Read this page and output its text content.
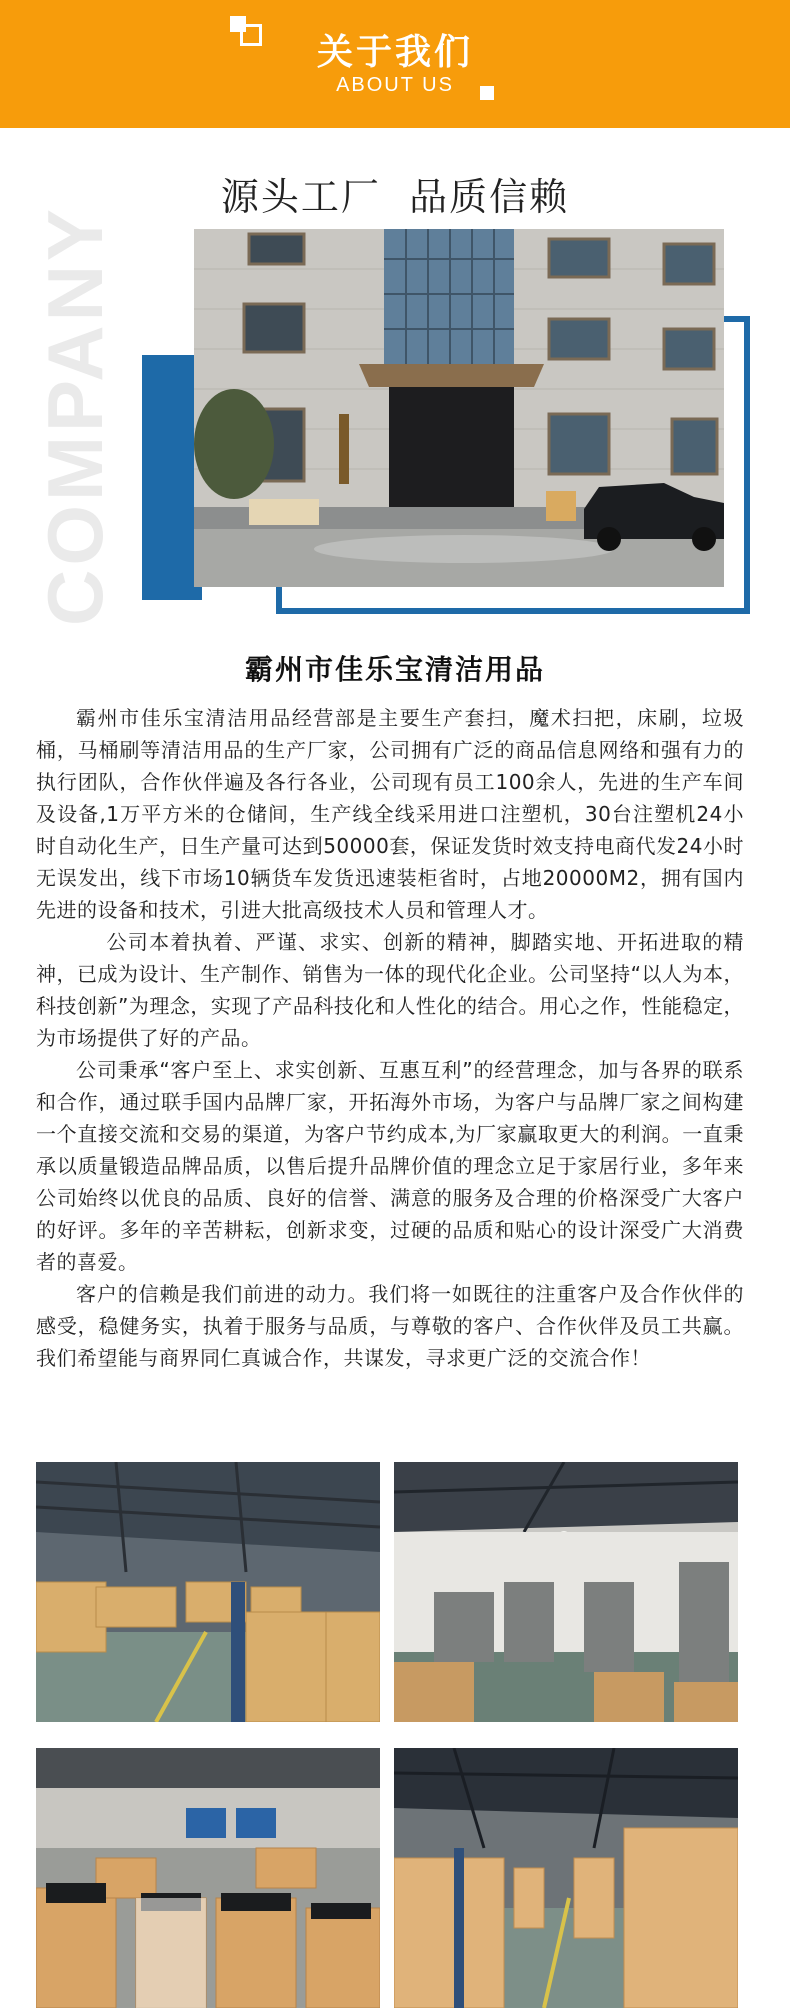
关于我们
ABOUT US
源头工厂  品质信赖
COMPANY
霸州市佳乐宝清洁用品

霸州市佳乐宝清洁用品经营部是主要生产套扫，魔术扫把，床刷，垃圾桶，马桶刷等清洁用品的生产厂家，公司拥有广泛的商品信息网络和强有力的执行团队，合作伙伴遍及各行各业，公司现有员工100余人，先进的生产车间及设备,1万平方米的仓储间，生产线全线采用进口注塑机，30台注塑机24小时自动化生产，日生产量可达到50000套，保证发货时效支持电商代发24小时无误发出，线下市场10辆货车发货迅速装柜省时，占地20000M2，拥有国内先进的设备和技术，引进大批高级技术人员和管理人才。

公司本着执着、严谨、求实、创新的精神，脚踏实地、开拓进取的精神，已成为设计、生产制作、销售为一体的现代化企业。公司坚持“以人为本，科技创新”为理念，实现了产品科技化和人性化的结合。用心之作，性能稳定，为市场提供了好的产品。

公司秉承“客户至上、求实创新、互惠互利”的经营理念，加与各界的联系和合作，通过联手国内品牌厂家，开拓海外市场，为客户与品牌厂家之间构建一个直接交流和交易的渠道，为客户节约成本,为厂家赢取更大的利润。一直秉承以质量锻造品牌品质，以售后提升品牌价值的理念立足于家居行业，多年来公司始终以优良的品质、良好的信誉、满意的服务及合理的价格深受广大客户的好评。多年的辛苦耕耘，创新求变，过硬的品质和贴心的设计深受广大消费者的喜爱。

客户的信赖是我们前进的动力。我们将一如既往的注重客户及合作伙伴的感受，稳健务实，执着于服务与品质，与尊敬的客户、合作伙伴及员工共赢。我们希望能与商界同仁真诚合作，共谋发，寻求更广泛的交流合作！
